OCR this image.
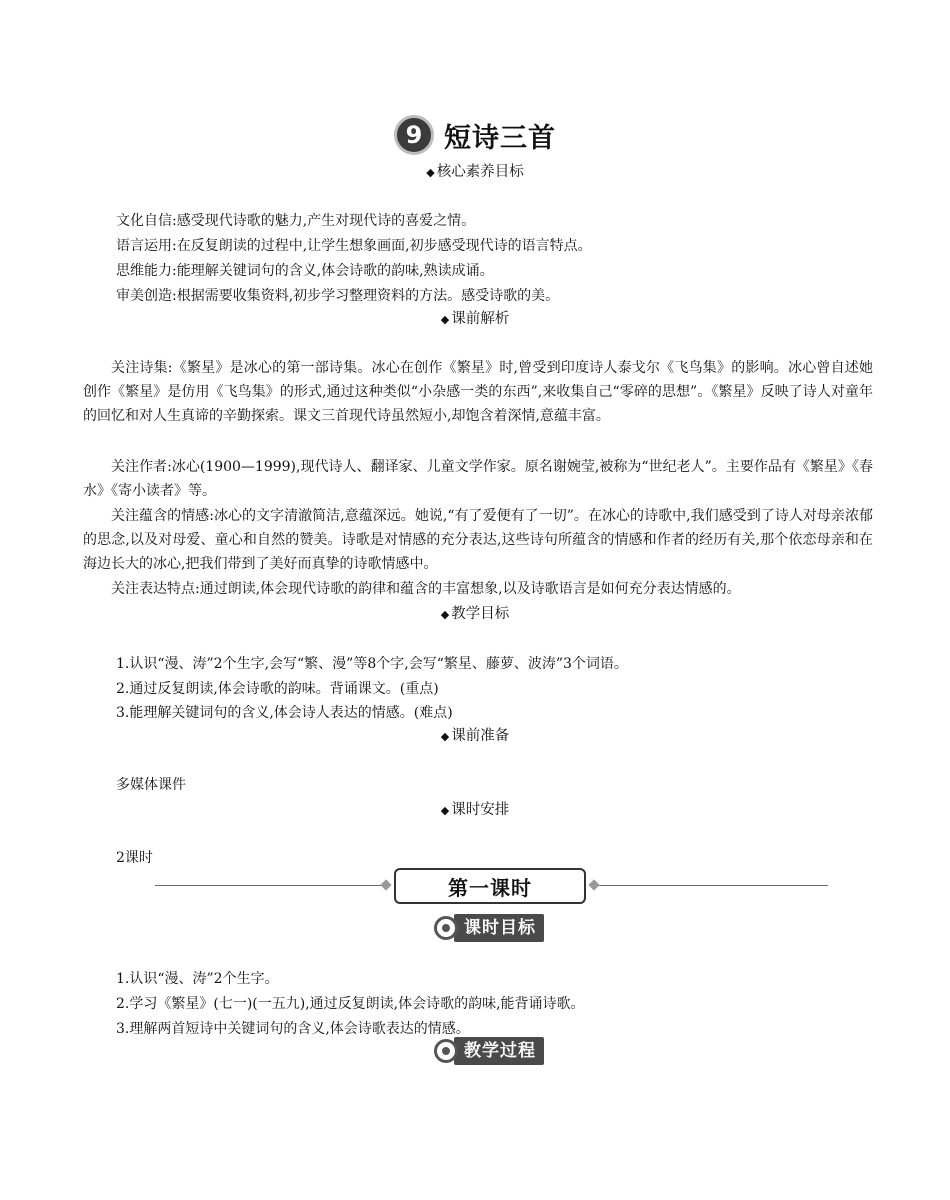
9 短诗三首
◆ 核心素养目标
文化自信:感受现代诗歌的魅力,产生对现代诗的喜爱之情。
语言运用:在反复朗读的过程中,让学生想象画面,初步感受现代诗的语言特点。
思维能力:能理解关键词句的含义,体会诗歌的韵味,熟读成诵。
审美创造:根据需要收集资料,初步学习整理资料的方法。感受诗歌的美。
◆ 课前解析
关注诗集:《繁星》是冰心的第一部诗集。冰心在创作《繁星》时,曾受到印度诗人泰戈尔《飞鸟集》的影响。冰心曾自述她创作《繁星》是仿用《飞鸟集》的形式,通过这种类似“小杂感一类的东西”,来收集自己“零碎的思想”。《繁星》反映了诗人对童年的回忆和对人生真谛的辛勤探索。课文三首现代诗虽然短小,却饱含着深情,意蕴丰富。
关注作者:冰心(1900—1999),现代诗人、翻译家、儿童文学作家。原名谢婉莹,被称为“世纪老人”。主要作品有《繁星》《春水》《寄小读者》等。
关注蕴含的情感:冰心的文字清澈简洁,意蕴深远。她说,“有了爱便有了一切”。在冰心的诗歌中,我们感受到了诗人对母亲浓郁的思念,以及对母爱、童心和自然的赞美。诗歌是对情感的充分表达,这些诗句所蕴含的情感和作者的经历有关,那个依恋母亲和在海边长大的冰心,把我们带到了美好而真挚的诗歌情感中。
关注表达特点:通过朗读,体会现代诗歌的韵律和蕴含的丰富想象,以及诗歌语言是如何充分表达情感的。
◆ 教学目标
1.认识“漫、涛”2个生字,会写“繁、漫”等8个字,会写“繁星、藤萝、波涛”3个词语。
2.通过反复朗读,体会诗歌的韵味。背诵课文。(重点)
3.能理解关键词句的含义,体会诗人表达的情感。(难点)
◆ 课前准备
多媒体课件
◆ 课时安排
2课时
第一课时
课时目标
1.认识“漫、涛”2个生字。
2.学习《繁星》(七一)(一五九),通过反复朗读,体会诗歌的韵味,能背诵诗歌。
3.理解两首短诗中关键词句的含义,体会诗歌表达的情感。
教学过程
